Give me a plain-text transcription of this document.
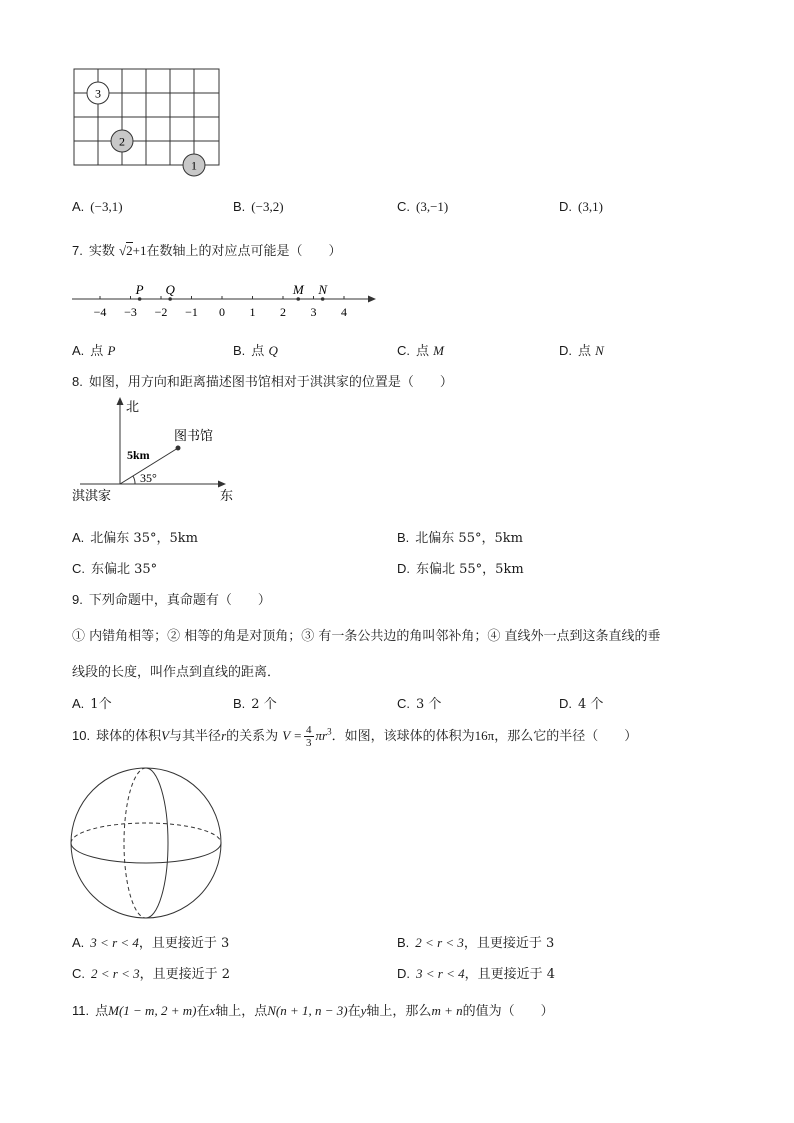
3
2
1
A. (−3,1)	B. (−3,2)	C. (3,−1)	D. (3,1)
7. 实数 √2+1在数轴上的对应点可能是（　　）
−4 −3 −2 −1 0 1 2 3 4
P Q	M N
A. 点 P	B. 点 Q	C. 点 M	D. 点 N
8. 如图，用方向和距离描述图书馆相对于淇淇家的位置是（　　）
北
东
淇淇家
图书馆
5km
35°
A. 北偏东 35°，5km	B. 北偏东 55°，5km
C. 东偏北 35°	D. 东偏北 55°，5km
9. 下列命题中，真命题有（　　）
① 内错角相等；② 相等的角是对顶角；③ 有一条公共边的角叫邻补角；④ 直线外一点到这条直线的垂
线段的长度，叫作点到直线的距离．
A. 1个	B. 2 个	C. 3 个	D. 4 个
10. 球体的体积V与其半径r的关系为 $V = \frac{4}{3} \pi r^3$．如图，该球体的体积为16π，那么它的半径（　　）
A. 3 < r < 4，且更接近于 3	B. 2 < r < 3，且更接近于 3
C. 2 < r < 3，且更接近于 2	D. 3 < r < 4，且更接近于 4
11. 点M(1 − m, 2 + m)在x轴上，点N(n + 1, n − 3)在y轴上，那么m + n的值为（　　）
